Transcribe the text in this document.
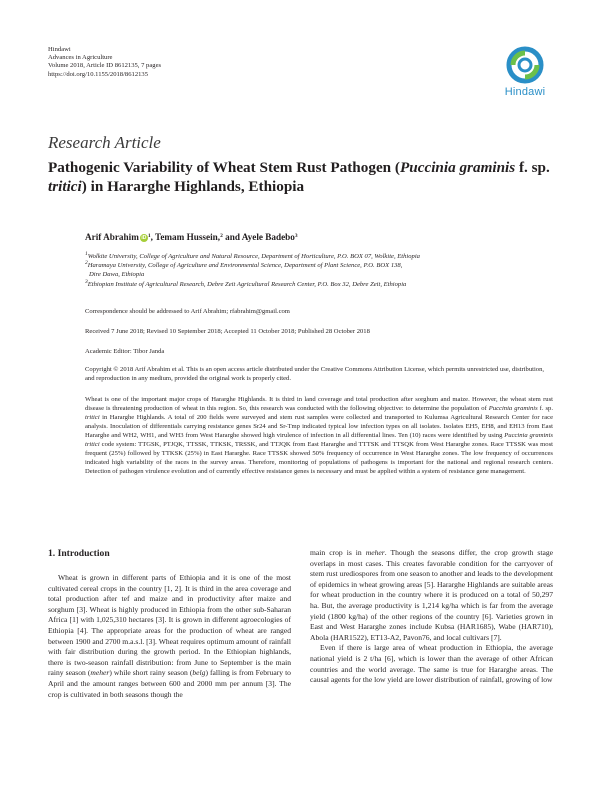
Hindawi
Advances in Agriculture
Volume 2018, Article ID 8612135, 7 pages
https://doi.org/10.1155/2018/8612135
Hindawi
Research Article
Pathogenic Variability of Wheat Stem Rust Pathogen (Puccinia graminis f. sp. tritici) in Hararghe Highlands, Ethiopia
Arif Abrahim iD $^1$, Temam Hussein,$^2$ and Ayele Badebo$^3$
$^1$Wolkite University, College of Agriculture and Natural Resource, Department of Horticulture, P.O. BOX 07, Wolkite, Ethiopia
$^2$Haramaya University, College of Agriculture and Environmental Science, Department of Plant Science, P.O. BOX 138,
Dire Dawa, Ethiopia
$^3$Ethiopian Institute of Agricultural Research, Debre Zeit Agricultural Research Center, P.O. Box 32, Debre Zeit, Ethiopia
Correspondence should be addressed to Arif Abrahim; rfabrahim@gmail.com
Received 7 June 2018; Revised 10 September 2018; Accepted 11 October 2018; Published 28 October 2018
Academic Editor: Tibor Janda
Copyright © 2018 Arif Abrahim et al. This is an open access article distributed under the Creative Commons Attribution License, which permits unrestricted use, distribution, and reproduction in any medium, provided the original work is properly cited.
Wheat is one of the important major crops of Hararghe Highlands. It is third in land coverage and total production after sorghum and maize. However, the wheat stem rust disease is threatening production of wheat in this region. So, this research was conducted with the following objective: to determine the population of Puccinia graminis f. sp. tritici in Hararghe Highlands. A total of 200 fields were surveyed and stem rust samples were collected and transported to Kulumsa Agricultural Research Center for race analysis. Inoculation of differentials carrying resistance genes Sr24 and Sr-Tmp indicated typical low infection types on all isolates. Isolates EH5, EH8, and EH13 from East Hararghe and WH2, WH1, and WH3 from West Hararghe showed high virulence of infection in all differential lines. Ten (10) races were identified by using Puccinia graminis tritici code system: TTGSK, PTJQK, TTSSK, TTKSK, TRSSK, and TTJQK from East Hararghe and TTTSK and TTSQK from West Hararghe zones. Race TTSSK was most frequent (25%) followed by TTKSK (25%) in East Hararghe. Race TTSSK showed 50% frequency of occurrence in West Hararghe zones. The low frequency of occurrences indicated high variability of the races in the survey areas. Therefore, monitoring of populations of pathogens is important for the national and regional research centers. Detection of pathogen virulence evolution and of currently effective resistance genes is necessary and must be applied within a system of resistance gene management.
1. Introduction

Wheat is grown in different parts of Ethiopia and it is one of the most cultivated cereal crops in the country [1, 2]. It is third in the area coverage and total production after tef and maize and in productivity after maize and sorghum [3]. Wheat is highly produced in Ethiopia from the other sub-Saharan Africa [1] with 1,025,310 hectares [3]. It is grown in different agroecologies of Ethiopia [4]. The appropriate areas for the production of wheat are ranged between 1900 and 2700 m.a.s.l. [3]. Wheat requires optimum amount of rainfall with fair distribution during the growth period. In the Ethiopian highlands, there is two-season rainfall distribution: from June to September is the main rainy season (meher) while short rainy season (belg) falling is from February to April and the amount ranges between 600 and 2000 mm per annum [3]. The crop is cultivated in both seasons though the

main crop is in meher. Though the seasons differ, the crop growth stage overlaps in most cases. This creates favorable condition for the carryover of stem rust urediospores from one season to another and leads to the development of epidemics in wheat growing areas [5]. Hararghe Highlands are suitable areas for wheat production in the country where it is produced on a total of 50,297 ha. But, the average productivity is 1,214 kg/ha which is far from the average yield (1800 kg/ha) of the other regions of the country [6]. Varieties grown in East and West Hararghe zones include Kubsa (HAR1685), Wabe (HAR710), Abola (HAR1522), ET13-A2, Pavon76, and local cultivars [7].

Even if there is large area of wheat production in Ethiopia, the average national yield is 2 t/ha [6], which is lower than the average of other African countries and the world average. The same is true for Hararghe areas. The causal agents for the low yield are lower distribution of rainfall, growing of low
